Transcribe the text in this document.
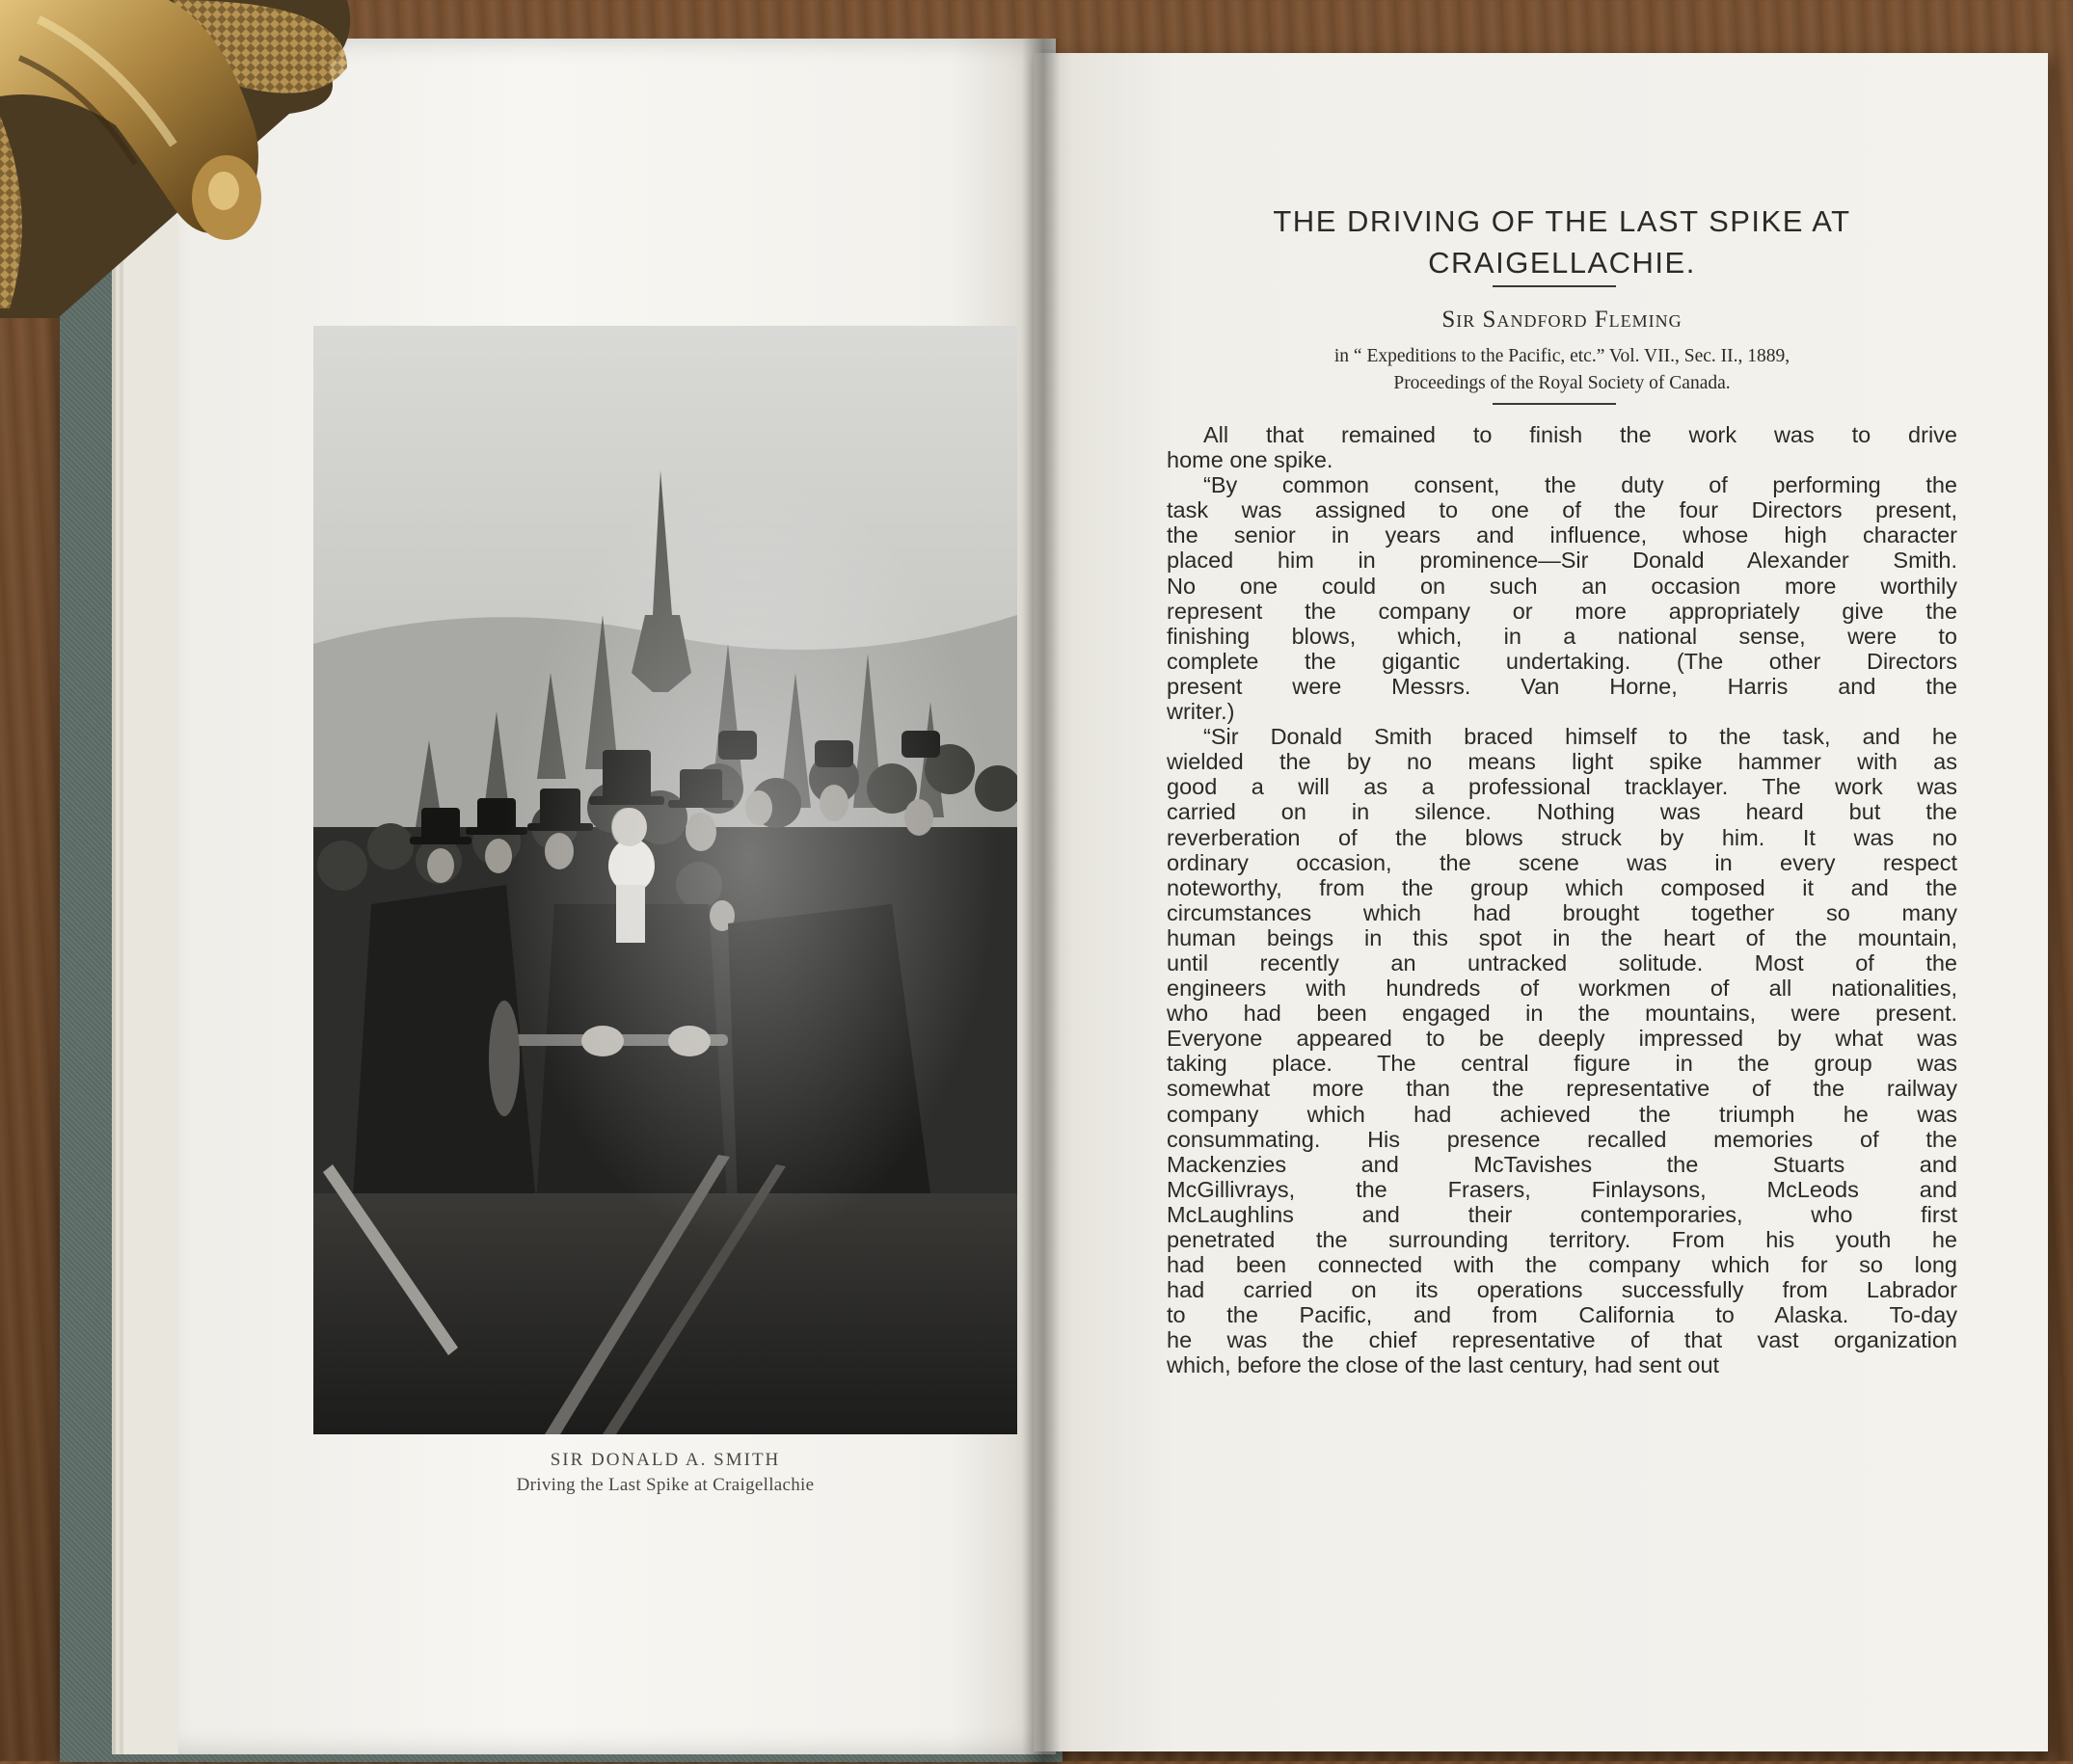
SIR DONALD A. SMITH
Driving the Last Spike at Craigellachie
THE DRIVING OF THE LAST SPIKE AT
CRAIGELLACHIE.
Sir Sandford Fleming
in “ Expeditions to the Pacific, etc.” Vol. VII., Sec. II., 1889,
Proceedings of the Royal Society of Canada.

All that remained to finish the work was to drive
home one spike.

“By common consent, the duty of performing the
task was assigned to one of the four Directors present,
the senior in years and influence, whose high character
placed him in prominence—Sir Donald Alexander Smith.
No one could on such an occasion more worthily
represent the company or more appropriately give the
finishing blows, which, in a national sense, were to
complete the gigantic undertaking. (The other Directors
present were Messrs. Van Horne, Harris and the
writer.)

“Sir Donald Smith braced himself to the task, and he
wielded the by no means light spike hammer with as
good a will as a professional tracklayer. The work was
carried on in silence. Nothing was heard but the
reverberation of the blows struck by him. It was no
ordinary occasion, the scene was in every respect
noteworthy, from the group which composed it and the
circumstances which had brought together so many
human beings in this spot in the heart of the mountain,
until recently an untracked solitude. Most of the
engineers with hundreds of workmen of all nationalities,
who had been engaged in the mountains, were present.
Everyone appeared to be deeply impressed by what was
taking place. The central figure in the group was
somewhat more than the representative of the railway
company which had achieved the triumph he was
consummating. His presence recalled memories of the
Mackenzies and McTavishes the Stuarts and
McGillivrays, the Frasers, Finlaysons, McLeods and
McLaughlins and their contemporaries, who first
penetrated the surrounding territory. From his youth he
had been connected with the company which for so long
had carried on its operations successfully from Labrador
to the Pacific, and from California to Alaska. To-day
he was the chief representative of that vast organization
which, before the close of the last century, had sent out
